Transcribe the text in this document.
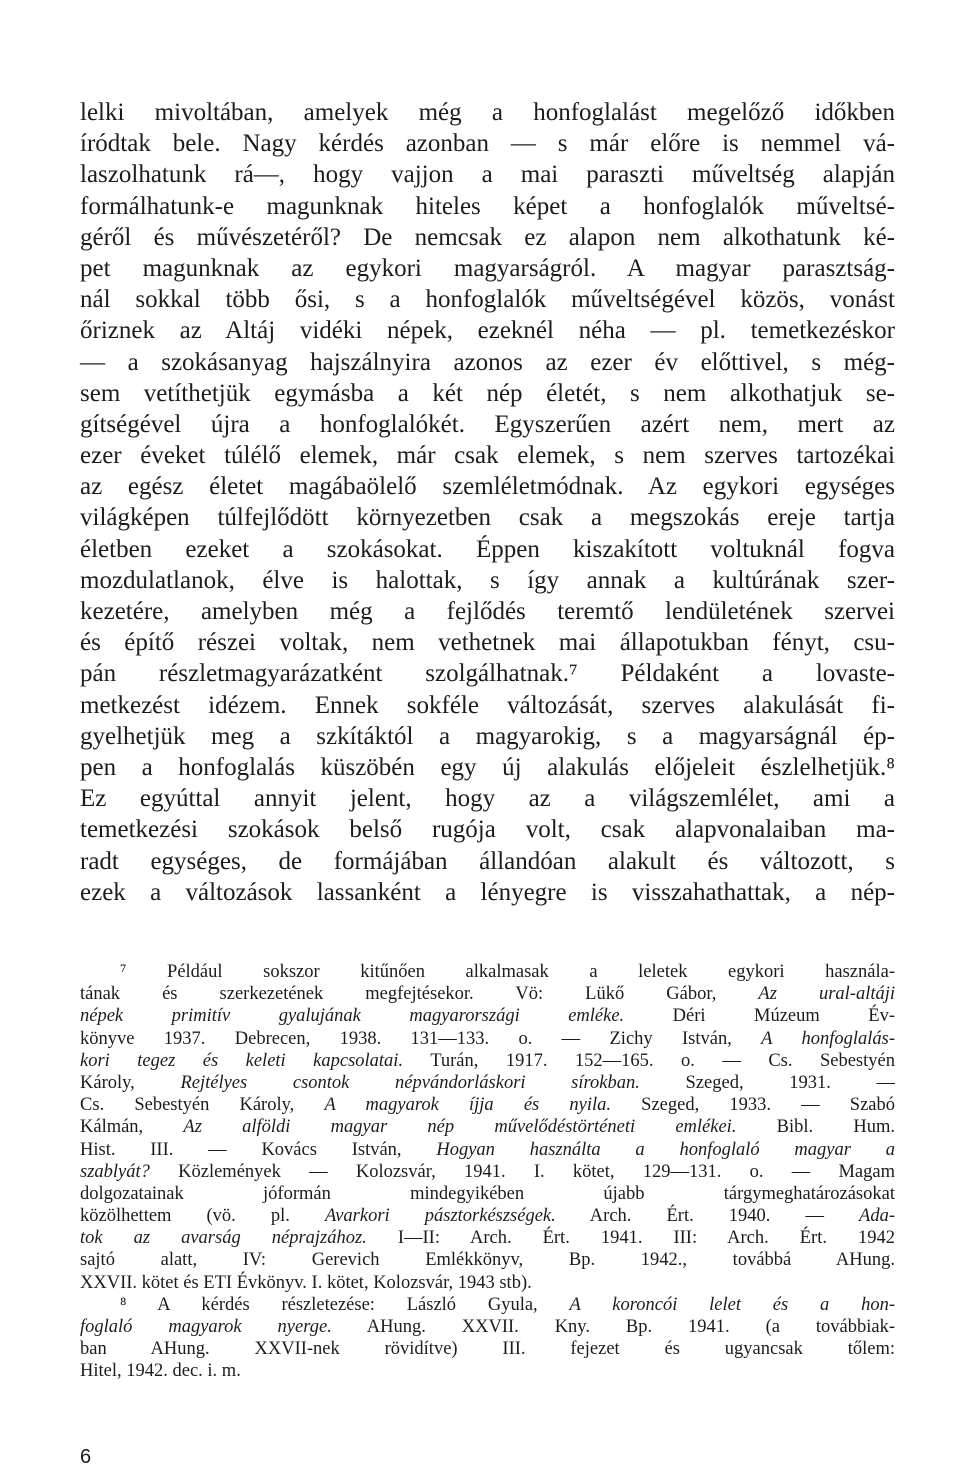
lelki mivoltában, amelyek még a honfoglalást megelőző időkben
íródtak bele. Nagy kérdés azonban — s már előre is nemmel vá-
laszolhatunk rá—, hogy vajjon a mai paraszti műveltség alapján
formálhatunk-e magunknak hiteles képet a honfoglalók műveltsé-
géről és művészetéről? De nemcsak ez alapon nem alkothatunk ké-
pet magunknak az egykori magyarságról. A magyar parasztság-
nál sokkal több ősi, s a honfoglalók műveltségével közös, vonást
őriznek az Altáj vidéki népek, ezeknél néha — pl. temetkezéskor
— a szokásanyag hajszálnyira azonos az ezer év előttivel, s még-
sem vetíthetjük egymásba a két nép életét, s nem alkothatjuk se-
gítségével újra a honfoglalókét. Egyszerűen azért nem, mert az
ezer éveket túlélő elemek, már csak elemek, s nem szerves tartozékai
az egész életet magábaölelő szemléletmódnak. Az egykori egységes
világképen túlfejlődött környezetben csak a megszokás ereje tartja
életben ezeket a szokásokat. Éppen kiszakított voltuknál fogva
mozdulatlanok, élve is halottak, s így annak a kultúrának szer-
kezetére, amelyben még a fejlődés teremtő lendületének szervei
és építő részei voltak, nem vethetnek mai állapotukban fényt, csu-
pán részletmagyarázatként szolgálhatnak.⁷ Példaként a lovaste-
metkezést idézem. Ennek sokféle változását, szerves alakulását fi-
gyelhetjük meg a szkítáktól a magyarokig, s a magyarságnál ép-
pen a honfoglalás küszöbén egy új alakulás előjeleit észlelhetjük.⁸
Ez egyúttal annyit jelent, hogy az a világszemlélet, ami a
temetkezési szokások belső rugója volt, csak alapvonalaiban ma-
radt egységes, de formájában állandóan alakult és változott, s
ezek a változások lassanként a lényegre is visszahathattak, a nép-
⁷ Például sokszor kitűnően alkalmasak a leletek egykori használa-
tának és szerkezetének megfejtésekor. Vö: Lükő Gábor, Az ural-altáji
népek primitív gyalujának magyarországi emléke. Déri Múzeum Év-
könyve 1937. Debrecen, 1938. 131—133. o. — Zichy István, A honfoglalás-
kori tegez és keleti kapcsolatai. Turán, 1917. 152—165. o. — Cs. Sebestyén
Károly, Rejtélyes csontok népvándorláskori sírokban. Szeged, 1931. —
Cs. Sebestyén Károly, A magyarok íjja és nyila. Szeged, 1933. — Szabó
Kálmán, Az alföldi magyar nép művelődéstörténeti emlékei. Bibl. Hum.
Hist. III. — Kovács István, Hogyan használta a honfoglaló magyar a
szablyát? Közlemények — Kolozsvár, 1941. I. kötet, 129—131. o. — Magam
dolgozatainak jóformán mindegyikében újabb tárgymeghatározásokat
közölhettem (vö. pl. Avarkori pásztorkészségek. Arch. Ért. 1940. — Ada-
tok az avarság néprajzához. I—II: Arch. Ért. 1941. III: Arch. Ért. 1942
sajtó alatt, IV: Gerevich Emlékkönyv, Bp. 1942., továbbá AHung.
XXVII. kötet és ETI Évkönyv. I. kötet, Kolozsvár, 1943 stb).
⁸ A kérdés részletezése: László Gyula, A koroncói lelet és a hon-
foglaló magyarok nyerge. AHung. XXVII. Kny. Bp. 1941. (a továbbiak-
ban AHung. XXVII-nek rövidítve) III. fejezet és ugyancsak tőlem:
Hitel, 1942. dec. i. m.
6
